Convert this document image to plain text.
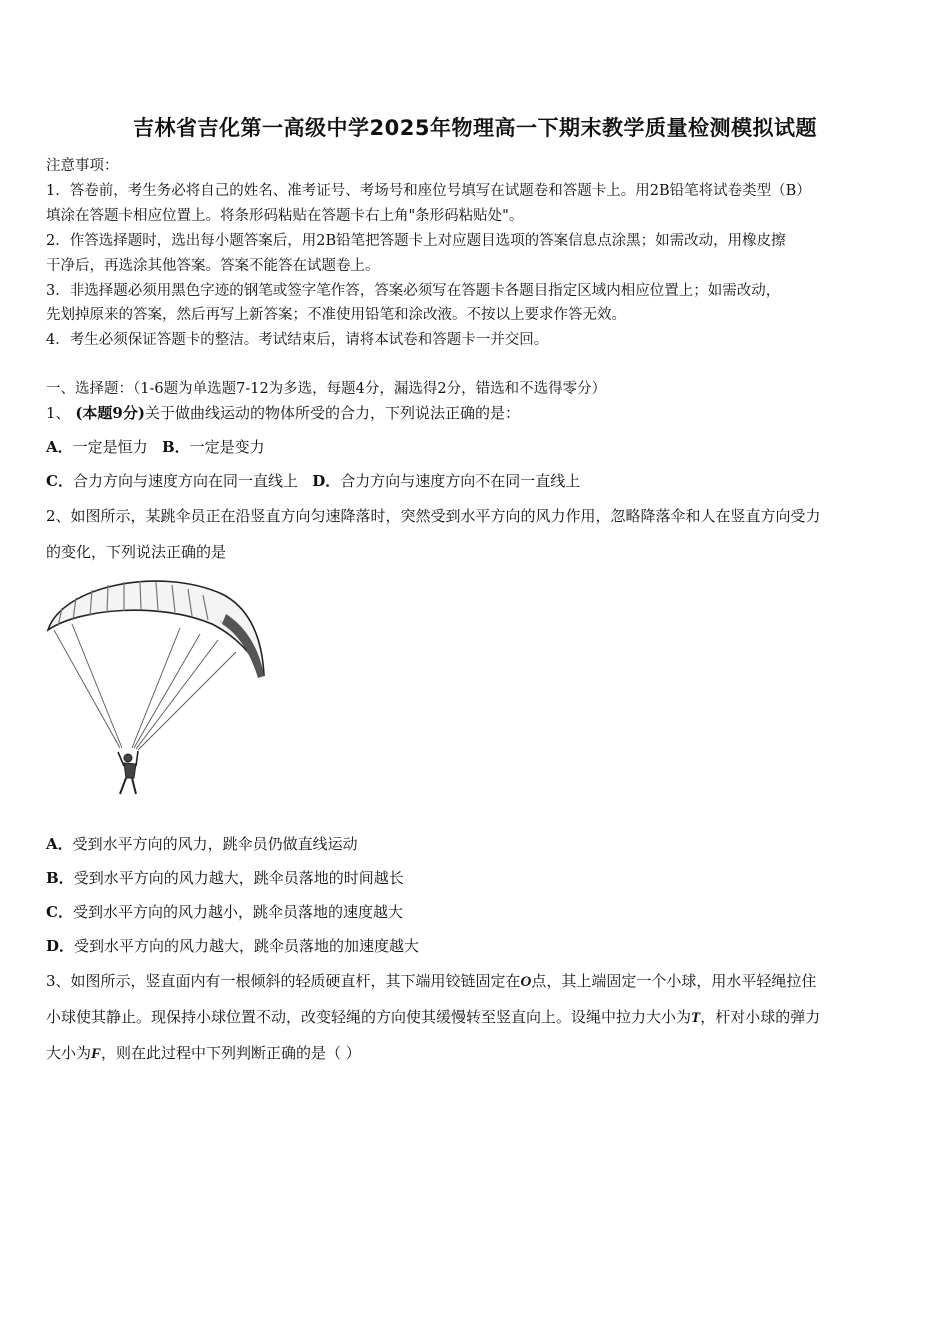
吉林省吉化第一高级中学2025年物理高一下期末教学质量检测模拟试题
注意事项：
1．答卷前，考生务必将自己的姓名、准考证号、考场号和座位号填写在试题卷和答题卡上。用2B铅笔将试卷类型（B）
填涂在答题卡相应位置上。将条形码粘贴在答题卡右上角"条形码粘贴处"。
2．作答选择题时，选出每小题答案后，用2B铅笔把答题卡上对应题目选项的答案信息点涂黑；如需改动，用橡皮擦
干净后，再选涂其他答案。答案不能答在试题卷上。
3．非选择题必须用黑色字迹的钢笔或签字笔作答，答案必须写在答题卡各题目指定区域内相应位置上；如需改动，
先划掉原来的答案，然后再写上新答案；不准使用铅笔和涂改液。不按以上要求作答无效。
4．考生必须保证答题卡的整洁。考试结束后，请将本试卷和答题卡一并交回。
一、选择题：（1-6题为单选题7-12为多选，每题4分，漏选得2分，错选和不选得零分）
1、 (本题9分)关于做曲线运动的物体所受的合力，下列说法正确的是：
A．一定是恒力 B．一定是变力
C．合力方向与速度方向在同一直线上 D．合力方向与速度方向不在同一直线上
2、如图所示，某跳伞员正在沿竖直方向匀速降落时，突然受到水平方向的风力作用，忽略降落伞和人在竖直方向受力
的变化，下列说法正确的是
A．受到水平方向的风力，跳伞员仍做直线运动
B．受到水平方向的风力越大，跳伞员落地的时间越长
C．受到水平方向的风力越小，跳伞员落地的速度越大
D．受到水平方向的风力越大，跳伞员落地的加速度越大
3、如图所示，竖直面内有一根倾斜的轻质硬直杆，其下端用铰链固定在O点，其上端固定一个小球，用水平轻绳拉住
小球使其静止。现保持小球位置不动，改变轻绳的方向使其缓慢转至竖直向上。设绳中拉力大小为T，杆对小球的弹力
大小为F，则在此过程中下列判断正确的是（ ）
